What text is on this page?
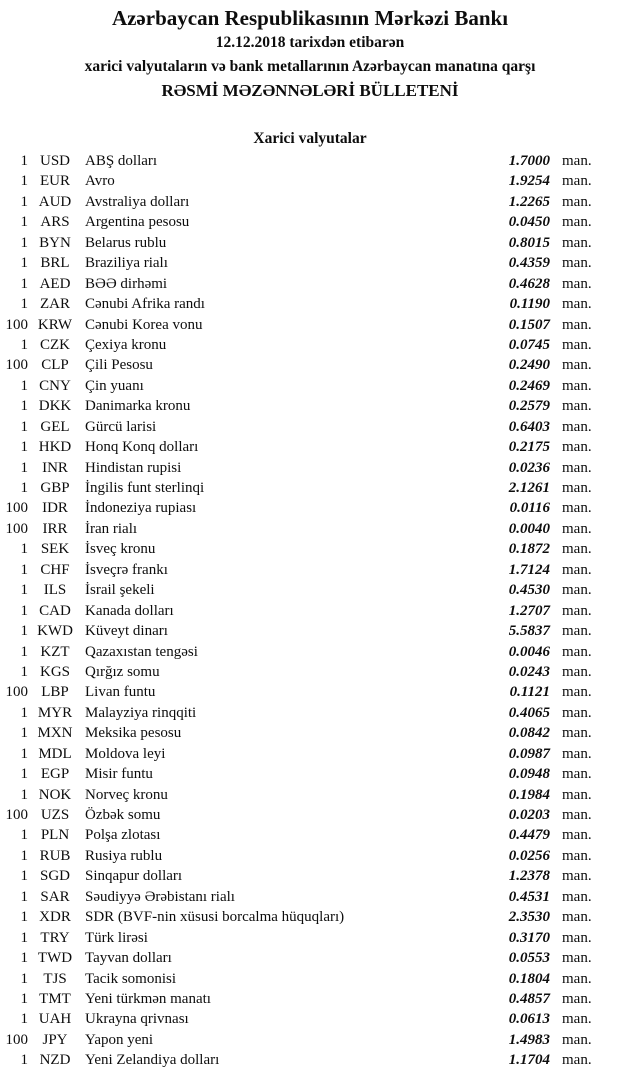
Azərbaycan Respublikasının Mərkəzi Bankı
12.12.2018 tarixdən etibarən
xarici valyutaların və bank metallarının Azərbaycan manatına qarşı
RƏSMİ MƏZƏNNƏLƏRİ BÜLLETENİ
Xarici valyutalar
1 USD	ABŞ dolları	1.7000 man.
1 EUR	Avro	1.9254 man.
1 AUD Avstraliya dolları	1.2265 man.
1 ARS	Argentina pesosu	0.0450 man.
1 BYN Belarus rublu	0.8015 man.
1 BRL	Braziliya rialı	0.4359 man.
1 AED BƏƏ dirhəmi	0.4628 man.
1 ZAR	Cənubi Afrika randı	0.1190 man.
100 KRW Cənubi Korea vonu	0.1507 man.
1 CZK	Çexiya kronu	0.0745 man.
100 CLP	Çili Pesosu	0.2490 man.
1 CNY Çin yuanı	0.2469 man.
1 DKK Danimarka kronu	0.2579 man.
1 GEL	Gürcü larisi	0.6403 man.
1 HKD Honq Konq dolları	0.2175 man.
1 INR	Hindistan rupisi	0.0236 man.
1 GBP	İngilis funt sterlinqi	2.1261 man.
100 IDR	İndoneziya rupiası	0.0116 man.
100 IRR	İran rialı	0.0040 man.
1 SEK	İsveç kronu	0.1872 man.
1 CHF	İsveçrə frankı	1.7124 man.
1	ILS	İsrail şekeli	0.4530 man.
1 CAD Kanada dolları	1.2707 man.
1 KWD Küveyt dinarı	5.5837 man.
1 KZT	Qazaxıstan tengəsi	0.0046 man.
1 KGS	Qırğız somu	0.0243 man.
100 LBP	Livan funtu	0.1121 man.
1 MYR Malayziya rinqqiti	0.4065 man.
1 MXN Meksika pesosu	0.0842 man.
1 MDL Moldova leyi	0.0987 man.
1 EGP	Misir funtu	0.0948 man.
1 NOK Norveç kronu	0.1984 man.
100 UZS	Özbək somu	0.0203 man.
1 PLN	Polşa zlotası	0.4479 man.
1 RUB Rusiya rublu	0.0256 man.
1 SGD	Sinqapur dolları	1.2378 man.
1 SAR	Səudiyyə Ərəbistanı rialı	0.4531 man.
1 XDR SDR (BVF-nin xüsusi borcalma hüquqları)	2.3530 man.
1 TRY	Türk lirəsi	0.3170 man.
1 TWD Tayvan dolları	0.0553 man.
1	TJS	Tacik somonisi	0.1804 man.
1 TMT Yeni türkmən manatı	0.4857 man.
1 UAH Ukrayna qrivnası	0.0613 man.
100 JPY	Yapon yeni	1.4983 man.
1 NZD Yeni Zelandiya dolları	1.1704 man.
